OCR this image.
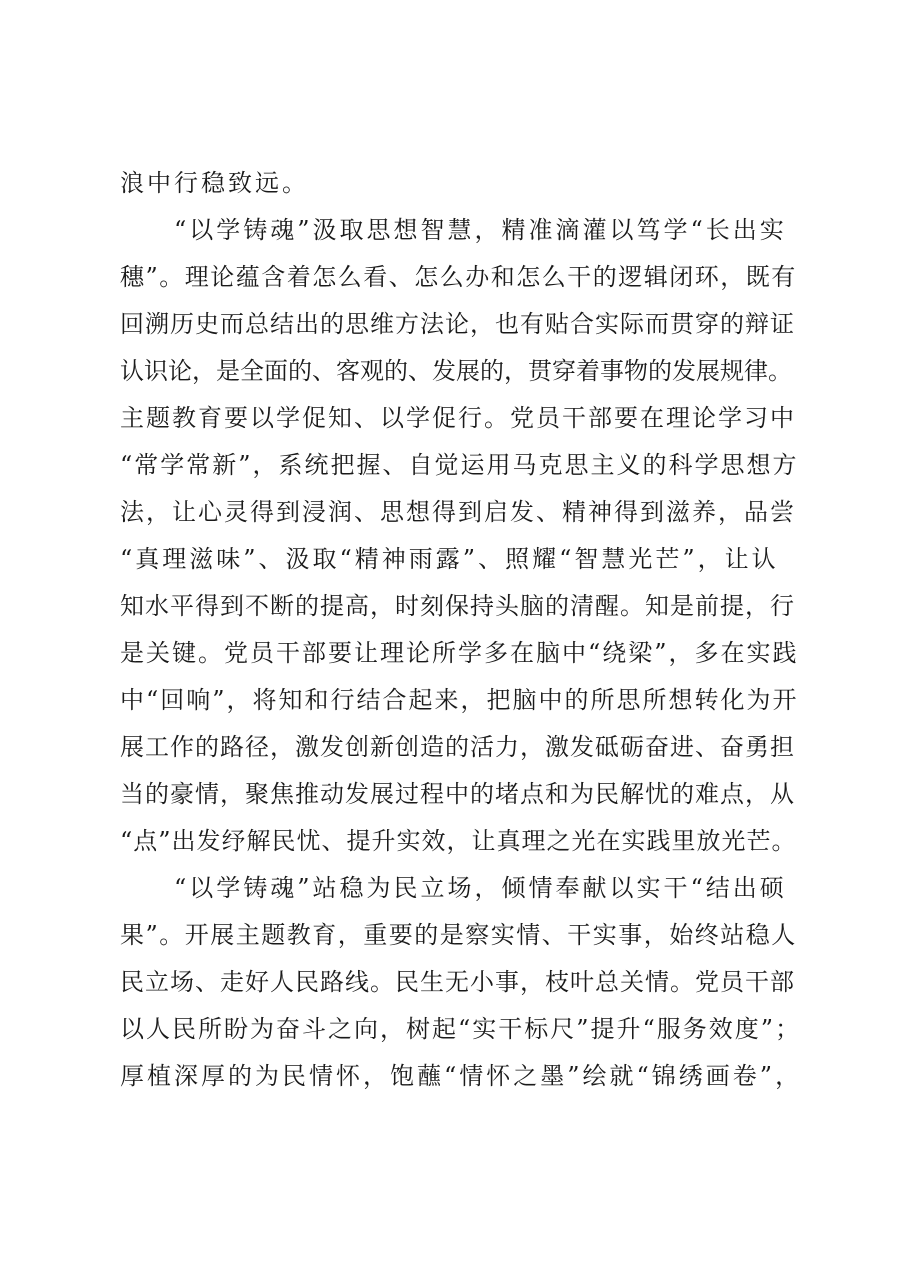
浪中行稳致远。
“以学铸魂”汲取思想智慧，精准滴灌以笃学“长出实
穗”。理论蕴含着怎么看、怎么办和怎么干的逻辑闭环，既有
回溯历史而总结出的思维方法论，也有贴合实际而贯穿的辩证
认识论，是全面的、客观的、发展的，贯穿着事物的发展规律。
主题教育要以学促知、以学促行。党员干部要在理论学习中
“常学常新”，系统把握、自觉运用马克思主义的科学思想方
法，让心灵得到浸润、思想得到启发、精神得到滋养，品尝
“真理滋味”、汲取“精神雨露”、照耀“智慧光芒”，让认
知水平得到不断的提高，时刻保持头脑的清醒。知是前提，行
是关键。党员干部要让理论所学多在脑中“绕梁”，多在实践
中“回响”，将知和行结合起来，把脑中的所思所想转化为开
展工作的路径，激发创新创造的活力，激发砥砺奋进、奋勇担
当的豪情，聚焦推动发展过程中的堵点和为民解忧的难点，从
“点”出发纾解民忧、提升实效，让真理之光在实践里放光芒。
“以学铸魂”站稳为民立场，倾情奉献以实干“结出硕
果”。开展主题教育，重要的是察实情、干实事，始终站稳人
民立场、走好人民路线。民生无小事，枝叶总关情。党员干部
以人民所盼为奋斗之向，树起“实干标尺”提升“服务效度”；
厚植深厚的为民情怀，饱蘸“情怀之墨”绘就“锦绣画卷”，
